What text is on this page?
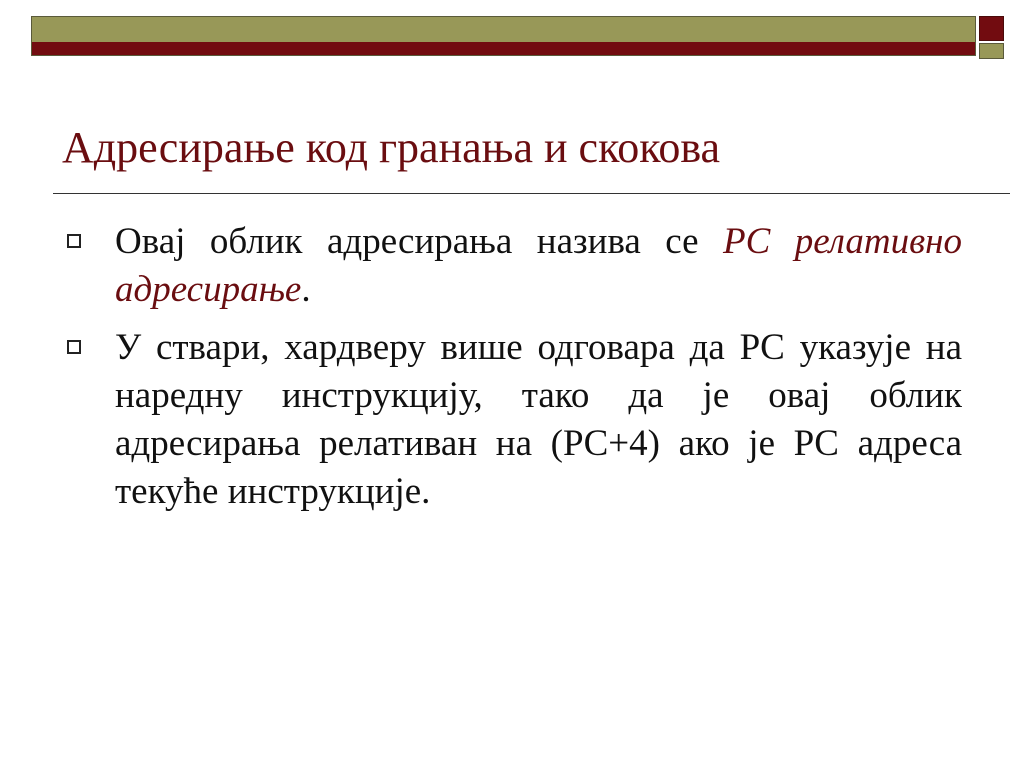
Адресирање код гранања и скокова
Овај облик адресирања назива се PC релативно адресирање.
У ствари, хардверу више одговара да PC указује на наредну инструкцију, тако да је овај облик адресирања релативан на (PC+4) ако је PC адреса текуће инструкције.
